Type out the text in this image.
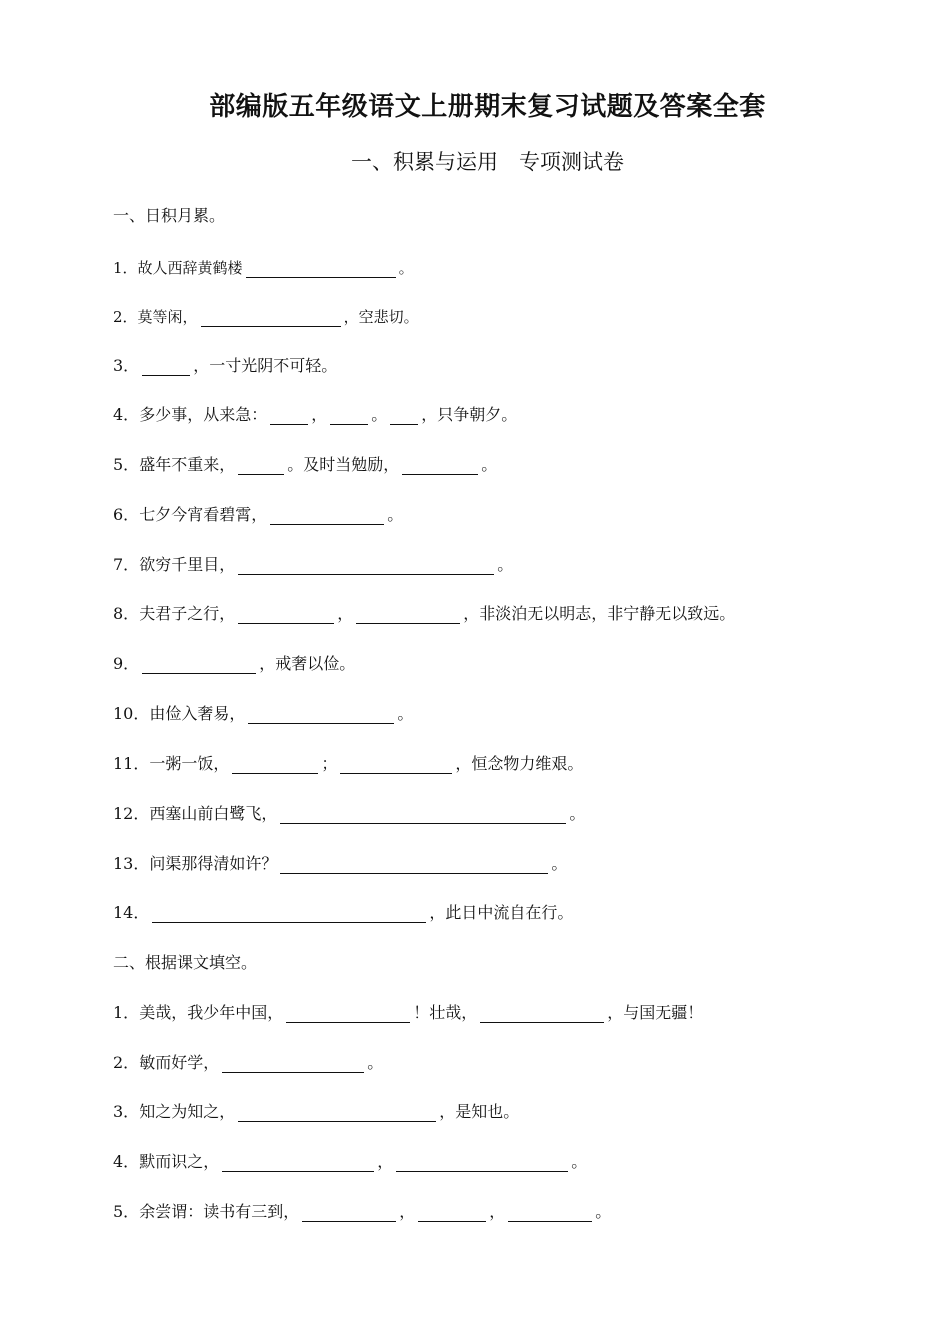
部编版五年级语文上册期末复习试题及答案全套
一、积累与运用　专项测试卷
一、日积月累。
1． 故人西辞黄鹤楼	。
2． 莫等闲，	，空悲切。
3．	，一寸光阴不可轻。
4． 多少事，从来急：	，	。 ，只争朝夕。
5． 盛年不重来，	。及时当勉励，	。
6． 七夕今宵看碧霄，	。
7． 欲穷千里目，	。
8． 夫君子之行，	，	，非淡泊无以明志，非宁静无以致远。
9．	，戒奢以俭。
10． 由俭入奢易，	。
11． 一粥一饭，	；	，恒念物力维艰。
12． 西塞山前白鹭飞，	。
13． 问渠那得清如许？	。
14．	，此日中流自在行。
二、根据课文填空。
1． 美哉，我少年中国，	！壮哉，	，与国无疆！
2． 敏而好学，	。
3． 知之为知之，	，是知也。
4． 默而识之，	，	。
5． 余尝谓：读书有三到，	，	，	。
